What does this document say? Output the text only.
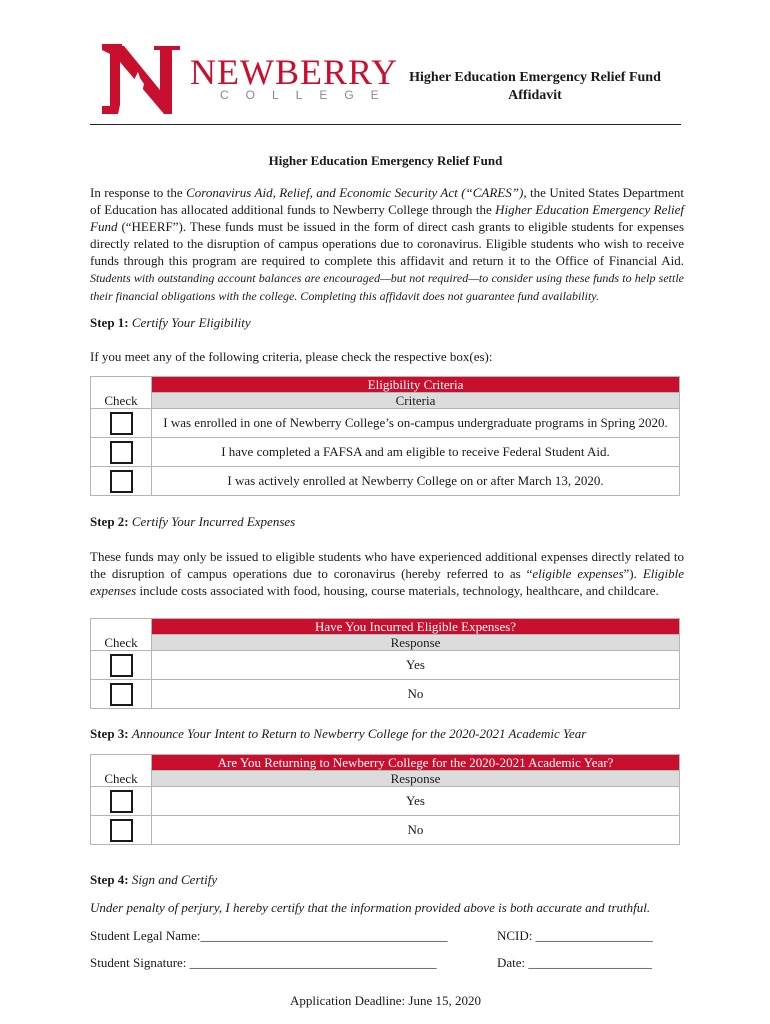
NEWBERRY
COLLEGE
Higher Education Emergency Relief Fund
Affidavit
Higher Education Emergency Relief Fund
In response to the Coronavirus Aid, Relief, and Economic Security Act (“CARES”), the United States Department of Education has allocated additional funds to Newberry College through the Higher Education Emergency Relief Fund (“HEERF”). These funds must be issued in the form of direct cash grants to eligible students for expenses directly related to the disruption of campus operations due to coronavirus. Eligible students who wish to receive funds through this program are required to complete this affidavit and return it to the Office of Financial Aid. Students with outstanding account balances are encouraged—but not required—to consider using these funds to help settle their financial obligations with the college. Completing this affidavit does not guarantee fund availability.
Step 1: Certify Your Eligibility
If you meet any of the following criteria, please check the respective box(es):
	Eligibility Criteria
Check	Criteria
	I was enrolled in one of Newberry College’s on-campus undergraduate programs in Spring 2020.
	I have completed a FAFSA and am eligible to receive Federal Student Aid.
	I was actively enrolled at Newberry College on or after March 13, 2020.
Step 2: Certify Your Incurred Expenses
These funds may only be issued to eligible students who have experienced additional expenses directly related to the disruption of campus operations due to coronavirus (hereby referred to as “eligible expenses”). Eligible expenses include costs associated with food, housing, course materials, technology, healthcare, and childcare.
	Have You Incurred Eligible Expenses?
Check	Response
	Yes
	No
Step 3: Announce Your Intent to Return to Newberry College for the 2020-2021 Academic Year
	Are You Returning to Newberry College for the 2020-2021 Academic Year?
Check	Response
	Yes
	No
Step 4: Sign and Certify
Under penalty of perjury, I hereby certify that the information provided above is both accurate and truthful.
Student Legal Name:______________________________________	NCID: __________________
Student Signature: ______________________________________	Date: ___________________
Application Deadline: June 15, 2020
